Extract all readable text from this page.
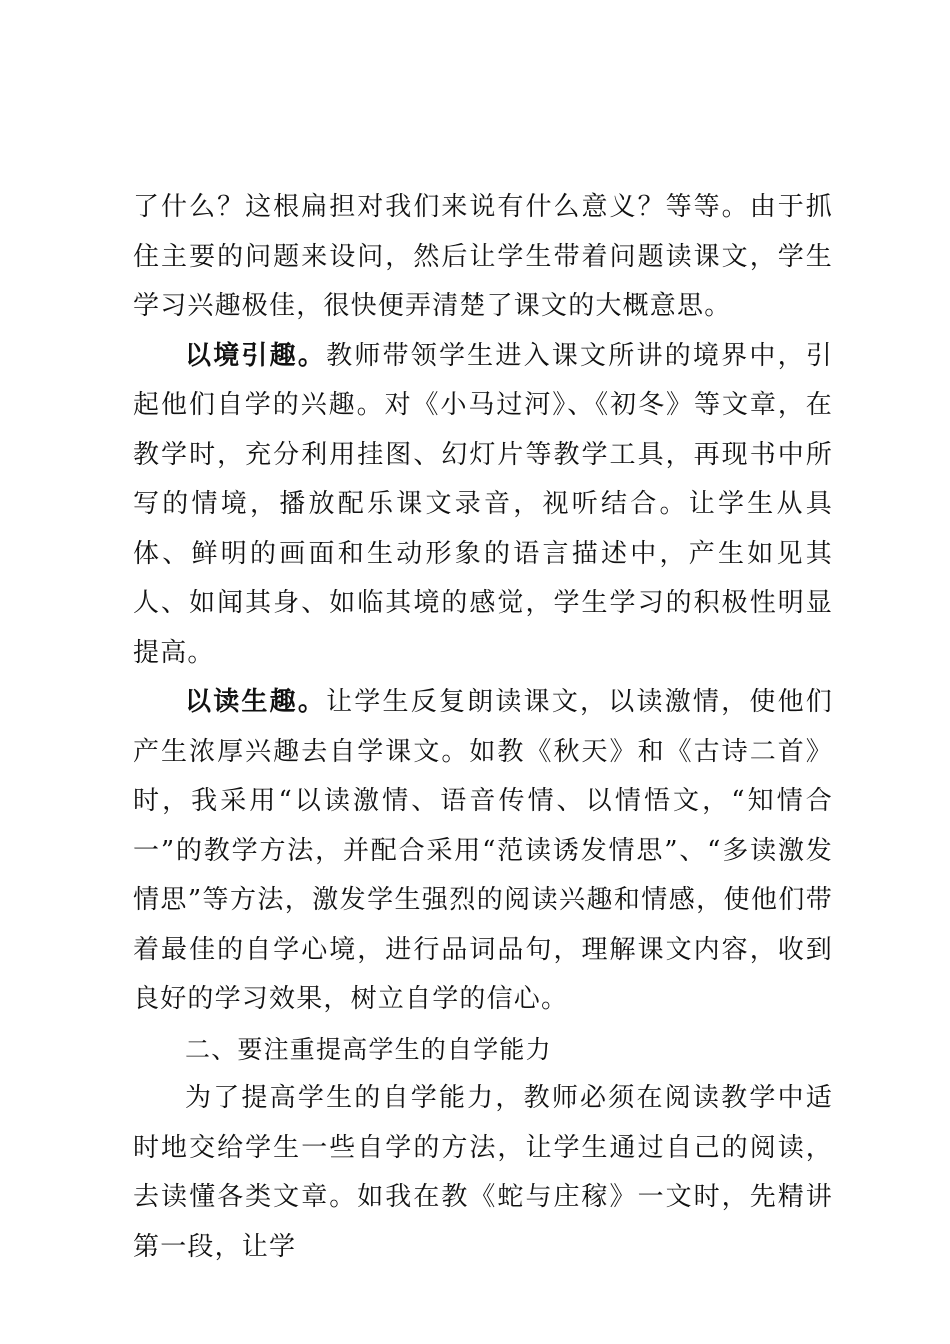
了什么？这根扁担对我们来说有什么意义？等等。由于抓住主要的问题来设问，然后让学生带着问题读课文，学生学习兴趣极佳，很快便弄清楚了课文的大概意思。

以境引趣。教师带领学生进入课文所讲的境界中，引起他们自学的兴趣。对《小马过河》、《初冬》等文章，在教学时，充分利用挂图、幻灯片等教学工具，再现书中所写的情境，播放配乐课文录音，视听结合。让学生从具体、鲜明的画面和生动形象的语言描述中，产生如见其人、如闻其身、如临其境的感觉，学生学习的积极性明显提高。

以读生趣。让学生反复朗读课文，以读激情，使他们产生浓厚兴趣去自学课文。如教《秋天》和《古诗二首》时，我采用“以读激情、语音传情、以情悟文，“知情合一”的教学方法，并配合采用“范读诱发情思”、“多读激发情思”等方法，激发学生强烈的阅读兴趣和情感，使他们带着最佳的自学心境，进行品词品句，理解课文内容，收到良好的学习效果，树立自学的信心。

二、要注重提高学生的自学能力

为了提高学生的自学能力，教师必须在阅读教学中适时地交给学生一些自学的方法，让学生通过自己的阅读，去读懂各类文章。如我在教《蛇与庄稼》一文时，先精讲第一段，让学
